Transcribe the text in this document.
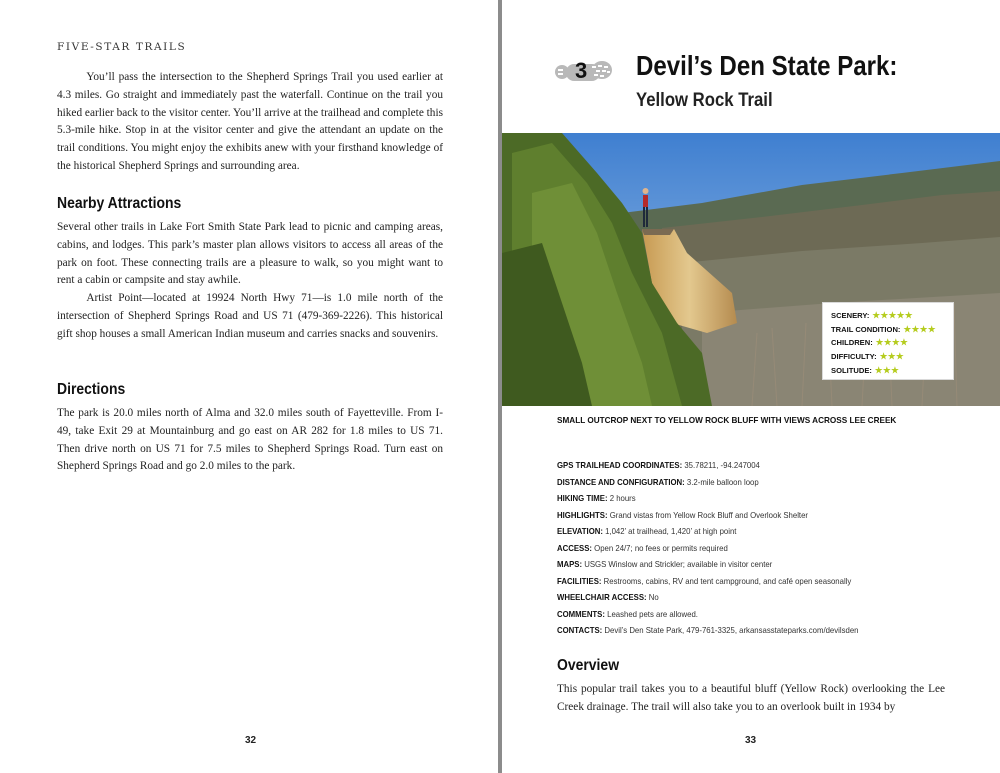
FIVE-STAR TRAILS

You’ll pass the intersection to the Shepherd Springs Trail you used earlier at 4.3 miles. Go straight and immediately past the waterfall. Continue on the trail you hiked earlier back to the visitor center. You’ll arrive at the trailhead and complete this 5.3-mile hike. Stop in at the visitor center and give the attendant an update on the trail conditions. You might enjoy the exhibits anew with your firsthand knowledge of the historical Shepherd Springs and surrounding area.

Nearby Attractions

Several other trails in Lake Fort Smith State Park lead to picnic and camping areas, cabins, and lodges. This park’s master plan allows visitors to access all areas of the park on foot. These connecting trails are a pleasure to walk, so you might want to rent a cabin or campsite and stay awhile.

Artist Point—located at 19924 North Hwy 71—is 1.0 mile north of the intersection of Shepherd Springs Road and US 71 (479-369-2226). This historical gift shop houses a small American Indian museum and carries snacks and souvenirs.

Directions

The park is 20.0 miles north of Alma and 32.0 miles south of Fayetteville. From I-49, take Exit 29 at Mountainburg and go east on AR 282 for 1.8 miles to US 71. Then drive north on US 71 for 7.5 miles to Shepherd Springs Road. Turn east on Shepherd Springs Road and go 2.0 miles to the park.

32
3 Devil’s Den State Park:
Yellow Rock Trail
SCENERY: ★★★★★
TRAIL CONDITION: ★★★★
CHILDREN: ★★★★
DIFFICULTY: ★★★
SOLITUDE: ★★★

SMALL OUTCROP NEXT TO YELLOW ROCK BLUFF WITH VIEWS ACROSS LEE CREEK

GPS TRAILHEAD COORDINATES: 35.78211, -94.247004
DISTANCE AND CONFIGURATION: 3.2-mile balloon loop
HIKING TIME: 2 hours
HIGHLIGHTS: Grand vistas from Yellow Rock Bluff and Overlook Shelter
ELEVATION: 1,042’ at trailhead, 1,420’ at high point
ACCESS: Open 24/7; no fees or permits required
MAPS: USGS Winslow and Strickler; available in visitor center
FACILITIES: Restrooms, cabins, RV and tent campground, and café open seasonally
WHEELCHAIR ACCESS: No
COMMENTS: Leashed pets are allowed.
CONTACTS: Devil’s Den State Park, 479-761-3325, arkansasstateparks.com/devilsden
Overview

This popular trail takes you to a beautiful bluff (Yellow Rock) overlooking the Lee Creek drainage. The trail will also take you to an overlook built in 1934 by

33
